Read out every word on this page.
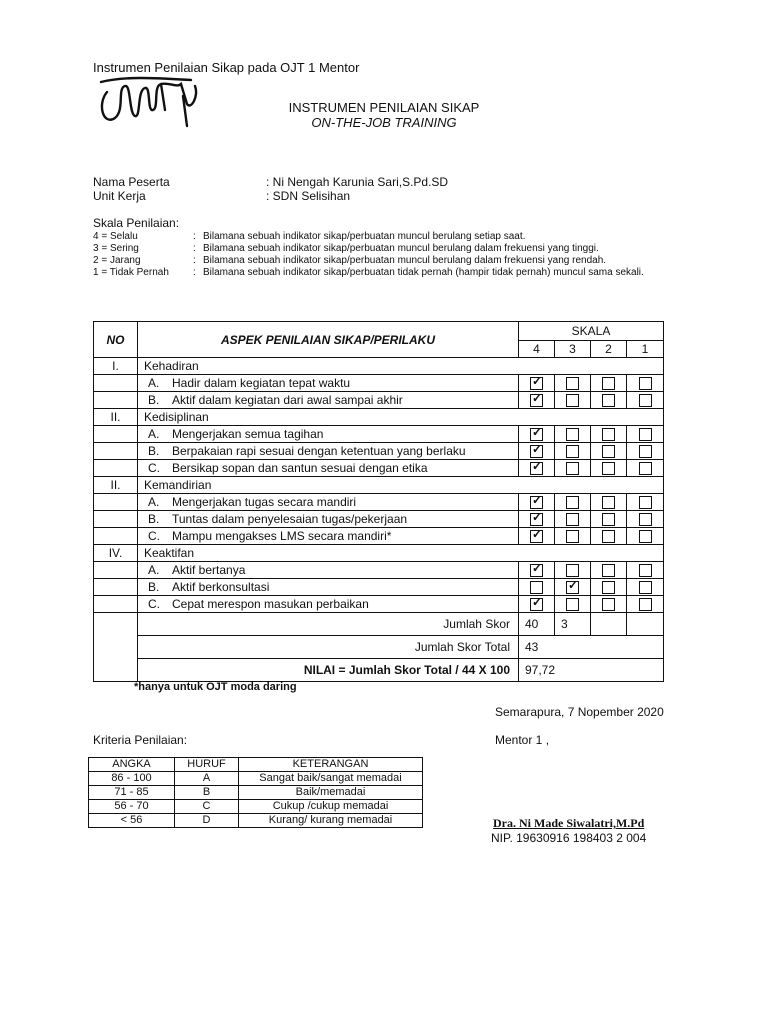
Instrumen Penilaian Sikap pada OJT 1 Mentor
INSTRUMEN PENILAIAN SIKAP
ON-THE-JOB TRAINING
Nama Peserta	: Ni Nengah Karunia Sari,S.Pd.SD
Unit Kerja	: SDN Selisihan
Skala Penilaian:
4 = Selalu	: Bilamana sebuah indikator sikap/perbuatan muncul berulang setiap saat.
3 = Sering	: Bilamana sebuah indikator sikap/perbuatan muncul berulang dalam frekuensi yang tinggi.
2 = Jarang	: Bilamana sebuah indikator sikap/perbuatan muncul berulang dalam frekuensi yang rendah.
1 = Tidak Pernah : Bilamana sebuah indikator sikap/perbuatan tidak pernah (hampir tidak pernah) muncul sama sekali.
NO	ASPEK PENILAIAN SIKAP/PERILAKU	SKALA			
		4	3	2	1
I.	Kehadiran				
	A. Hadir dalam kegiatan tepat waktu	✓			

	B. Aktif dalam kegiatan dari awal sampai akhir	✓			

II.	Kedisiplinan				
	A. Mengerjakan semua tagihan	✓			

	B. Berpakaian rapi sesuai dengan ketentuan yang berlaku	✓			

	C. Bersikap sopan dan santun sesuai dengan etika	✓			

II.	Kemandirian				
	A. Mengerjakan tugas secara mandiri	✓			

	B. Tuntas dalam penyelesaian tugas/pekerjaan	✓			

	C. Mampu mengakses LMS secara mandiri*	✓			

IV.	Keaktifan				
	A. Aktif bertanya	✓			

	B. Aktif berkonsultasi		✓		

	C. Cepat merespon masukan perbaikan	✓			

	Jumlah Skor	40	3		
	Jumlah Skor Total	43			
	NILAI = Jumlah Skor Total / 44 X 100	97,72			
*hanya untuk OJT moda daring
Semarapura, 7 Nopember 2020
Kriteria Penilaian:	Mentor 1 ,
ANGKA	HURUF	KETERANGAN
86 - 100	A	Sangat baik/sangat memadai
71 - 85	B	Baik/memadai
56 - 70	C	Cukup /cukup memadai
< 56	D	Kurang/ kurang memadai	Dra. Ni Made Siwalatri,M.Pd
NIP. 19630916 198403 2 004
